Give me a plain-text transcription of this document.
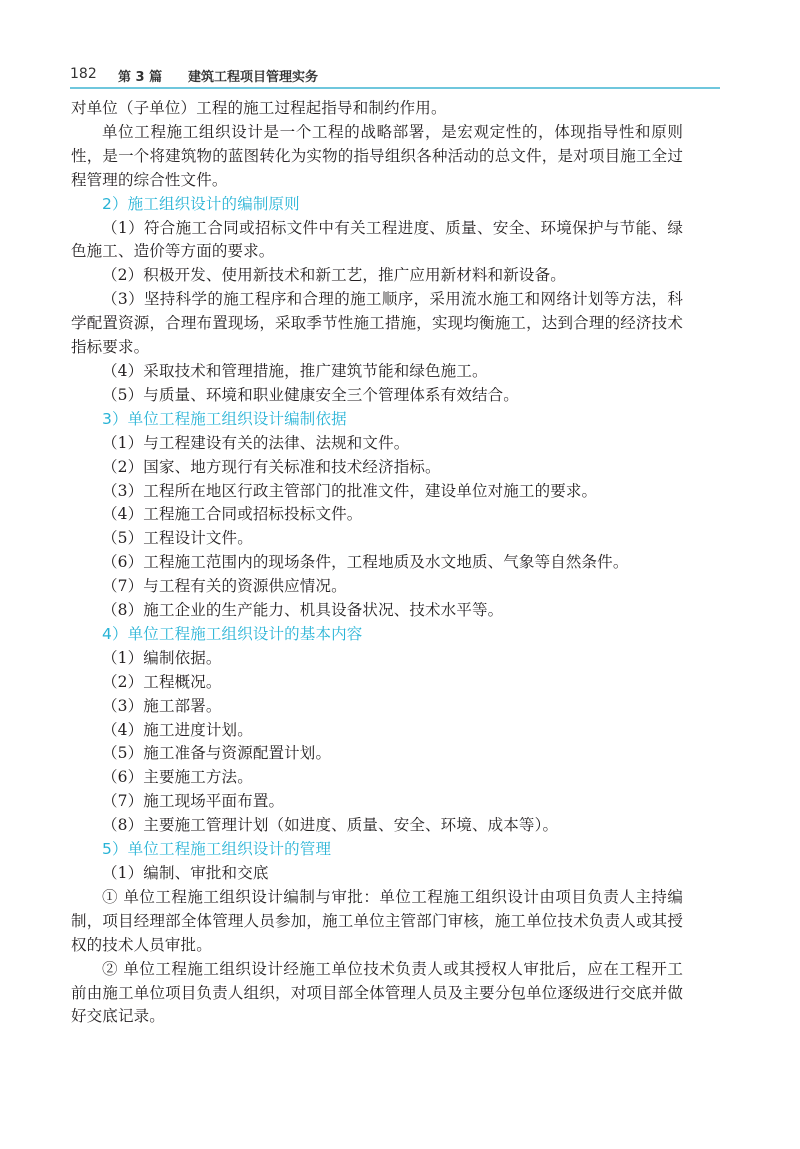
182 第 3 篇 建筑工程项目管理实务

对单位（子单位）工程的施工过程起指导和制约作用。

单位工程施工组织设计是一个工程的战略部署，是宏观定性的，体现指导性和原则性，是一个将建筑物的蓝图转化为实物的指导组织各种活动的总文件，是对项目施工全过程管理的综合性文件。

2）施工组织设计的编制原则

（1）符合施工合同或招标文件中有关工程进度、质量、安全、环境保护与节能、绿色施工、造价等方面的要求。

（2）积极开发、使用新技术和新工艺，推广应用新材料和新设备。

（3）坚持科学的施工程序和合理的施工顺序，采用流水施工和网络计划等方法，科学配置资源，合理布置现场，采取季节性施工措施，实现均衡施工，达到合理的经济技术指标要求。

（4）采取技术和管理措施，推广建筑节能和绿色施工。

（5）与质量、环境和职业健康安全三个管理体系有效结合。

3）单位工程施工组织设计编制依据

（1）与工程建设有关的法律、法规和文件。

（2）国家、地方现行有关标准和技术经济指标。

（3）工程所在地区行政主管部门的批准文件，建设单位对施工的要求。

（4）工程施工合同或招标投标文件。

（5）工程设计文件。

（6）工程施工范围内的现场条件，工程地质及水文地质、气象等自然条件。

（7）与工程有关的资源供应情况。

（8）施工企业的生产能力、机具设备状况、技术水平等。

4）单位工程施工组织设计的基本内容

（1）编制依据。

（2）工程概况。

（3）施工部署。

（4）施工进度计划。

（5）施工准备与资源配置计划。

（6）主要施工方法。

（7）施工现场平面布置。

（8）主要施工管理计划（如进度、质量、安全、环境、成本等）。

5）单位工程施工组织设计的管理

（1）编制、审批和交底

① 单位工程施工组织设计编制与审批：单位工程施工组织设计由项目负责人主持编制，项目经理部全体管理人员参加，施工单位主管部门审核，施工单位技术负责人或其授权的技术人员审批。

② 单位工程施工组织设计经施工单位技术负责人或其授权人审批后，应在工程开工前由施工单位项目负责人组织，对项目部全体管理人员及主要分包单位逐级进行交底并做好交底记录。
